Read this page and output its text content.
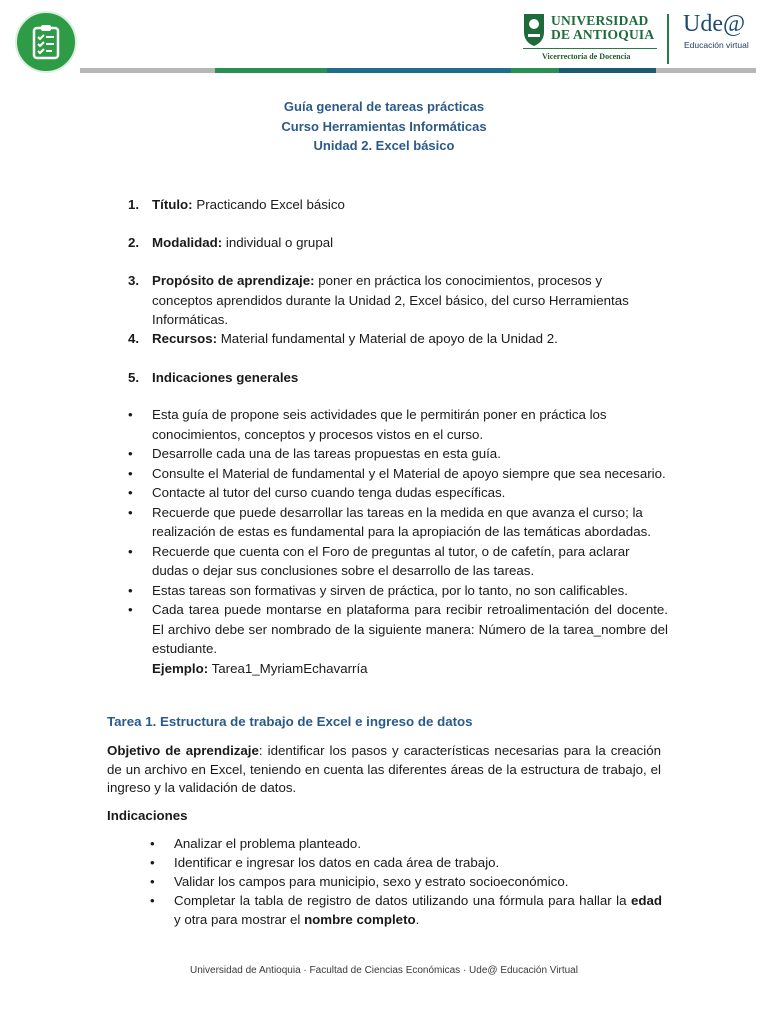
UNIVERSIDAD
DE ANTIOQUIA
Vicerrectoría de Docencia
Ude@
Educación virtual
Guía general de tareas prácticas
Curso Herramientas Informáticas
Unidad 2. Excel básico
1. Título: Practicando Excel básico
2. Modalidad: individual o grupal
3. Propósito de aprendizaje: poner en práctica los conocimientos, procesos y conceptos aprendidos durante la Unidad 2, Excel básico, del curso Herramientas Informáticas.
4. Recursos: Material fundamental y Material de apoyo de la Unidad 2.
5. Indicaciones generales
• Esta guía de propone seis actividades que le permitirán poner en práctica los conocimientos, conceptos y procesos vistos en el curso.
• Desarrolle cada una de las tareas propuestas en esta guía.
• Consulte el Material de fundamental y el Material de apoyo siempre que sea necesario.
• Contacte al tutor del curso cuando tenga dudas específicas.
• Recuerde que puede desarrollar las tareas en la medida en que avanza el curso; la realización de estas es fundamental para la apropiación de las temáticas abordadas.
• Recuerde que cuenta con el Foro de preguntas al tutor, o de cafetín, para aclarar dudas o dejar sus conclusiones sobre el desarrollo de las tareas.
• Estas tareas son formativas y sirven de práctica, por lo tanto, no son calificables.
• Cada tarea puede montarse en plataforma para recibir retroalimentación del docente. El archivo debe ser nombrado de la siguiente manera: Número de la tarea_nombre del estudiante.
Ejemplo: Tarea1_MyriamEchavarría
Tarea 1. Estructura de trabajo de Excel e ingreso de datos
Objetivo de aprendizaje: identificar los pasos y características necesarias para la creación de un archivo en Excel, teniendo en cuenta las diferentes áreas de la estructura de trabajo, el ingreso y la validación de datos.
Indicaciones
• Analizar el problema planteado.
• Identificar e ingresar los datos en cada área de trabajo.
• Validar los campos para municipio, sexo y estrato socioeconómico.
• Completar la tabla de registro de datos utilizando una fórmula para hallar la edad y otra para mostrar el nombre completo.
Universidad de Antioquia · Facultad de Ciencias Económicas · Ude@ Educación Virtual
